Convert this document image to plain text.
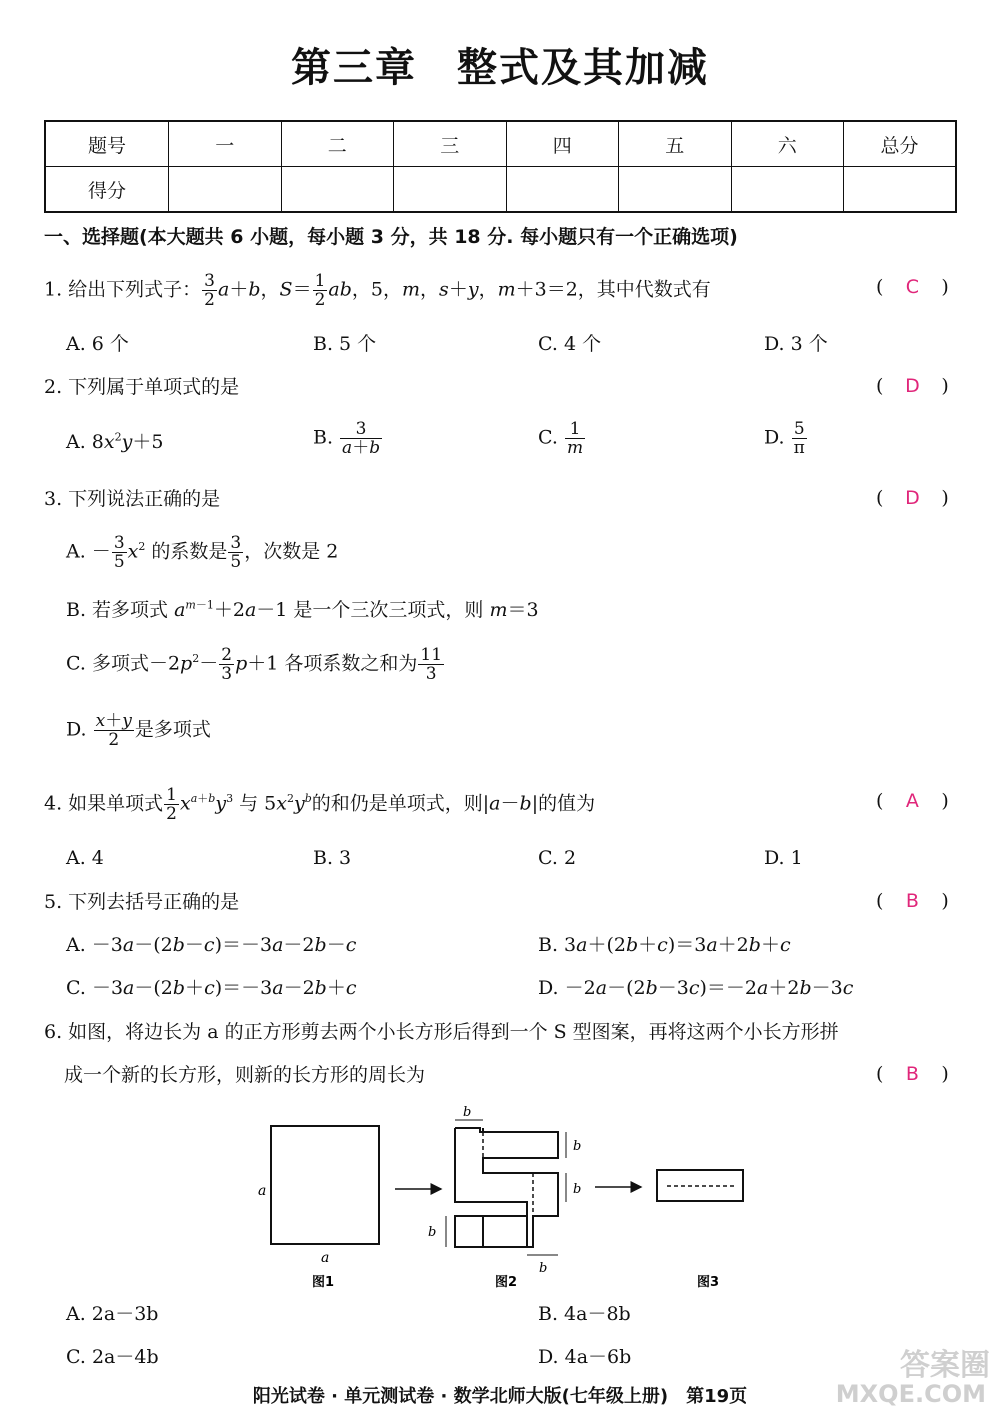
第三章 整式及其加减
题号	一	二	三	四	五	六	总分
得分							
一、选择题(本大题共 6 小题，每小题 3 分，共 18 分. 每小题只有一个正确选项)
1. 给出下列式子： $\frac{3}{2} a+b$，$S= \frac{1}{2}$ ab，5，m，s＋y，m＋3＝2，其中代数式有	( C )
A. 6 个	B. 5 个	C. 4 个	D. 3 个
2. 下列属于单项式的是	( D )
A. $8x^2y+5$	B. $\frac{3}{a+b}$	C. $\frac{1}{m}$	D. $\frac{5}{\pi}$
3. 下列说法正确的是	( D )
A. － $\frac{3}{5} x^2$ 的系数是 $\frac{3}{5}$ ，次数是 2
B. 若多项式 $a^{m-1}+2a-1$ 是一个三次三项式，则 m＝3
C. 多项式$-2p^2- \frac{2}{3} p+1$ 各项系数之和为 $\frac{11}{3}$
D. $\frac{x+y}{2}$ 是多项式
4. 如果单项式 $\frac{1}{2} x^{a+b}y^3$ 与 $5x^2y^b$的和仍是单项式，则|a－b|的值为	( A )
A. 4	B. 3	C. 2	D. 1
5. 下列去括号正确的是	( B )
A. －3a－(2b－c)＝－3a－2b－c	B. 3a＋(2b＋c)＝3a＋2b＋c
C. －3a－(2b＋c)＝－3a－2b＋c	D. －2a－(2b－3c)＝－2a＋2b－3c
6. 如图，将边长为 a 的正方形剪去两个小长方形后得到一个 S 型图案，再将这两个小长方形拼
成一个新的长方形，则新的长方形的周长为	( B )
a
a
b
b
b
b
b
图1	图2	图3
A. 2a－3b	B. 4a－8b
C. 2a－4b	D. 4a－6b
阳光试卷 · 单元测试卷 · 数学北师大版(七年级上册)　第19页
答案圈
MXQE.COM
